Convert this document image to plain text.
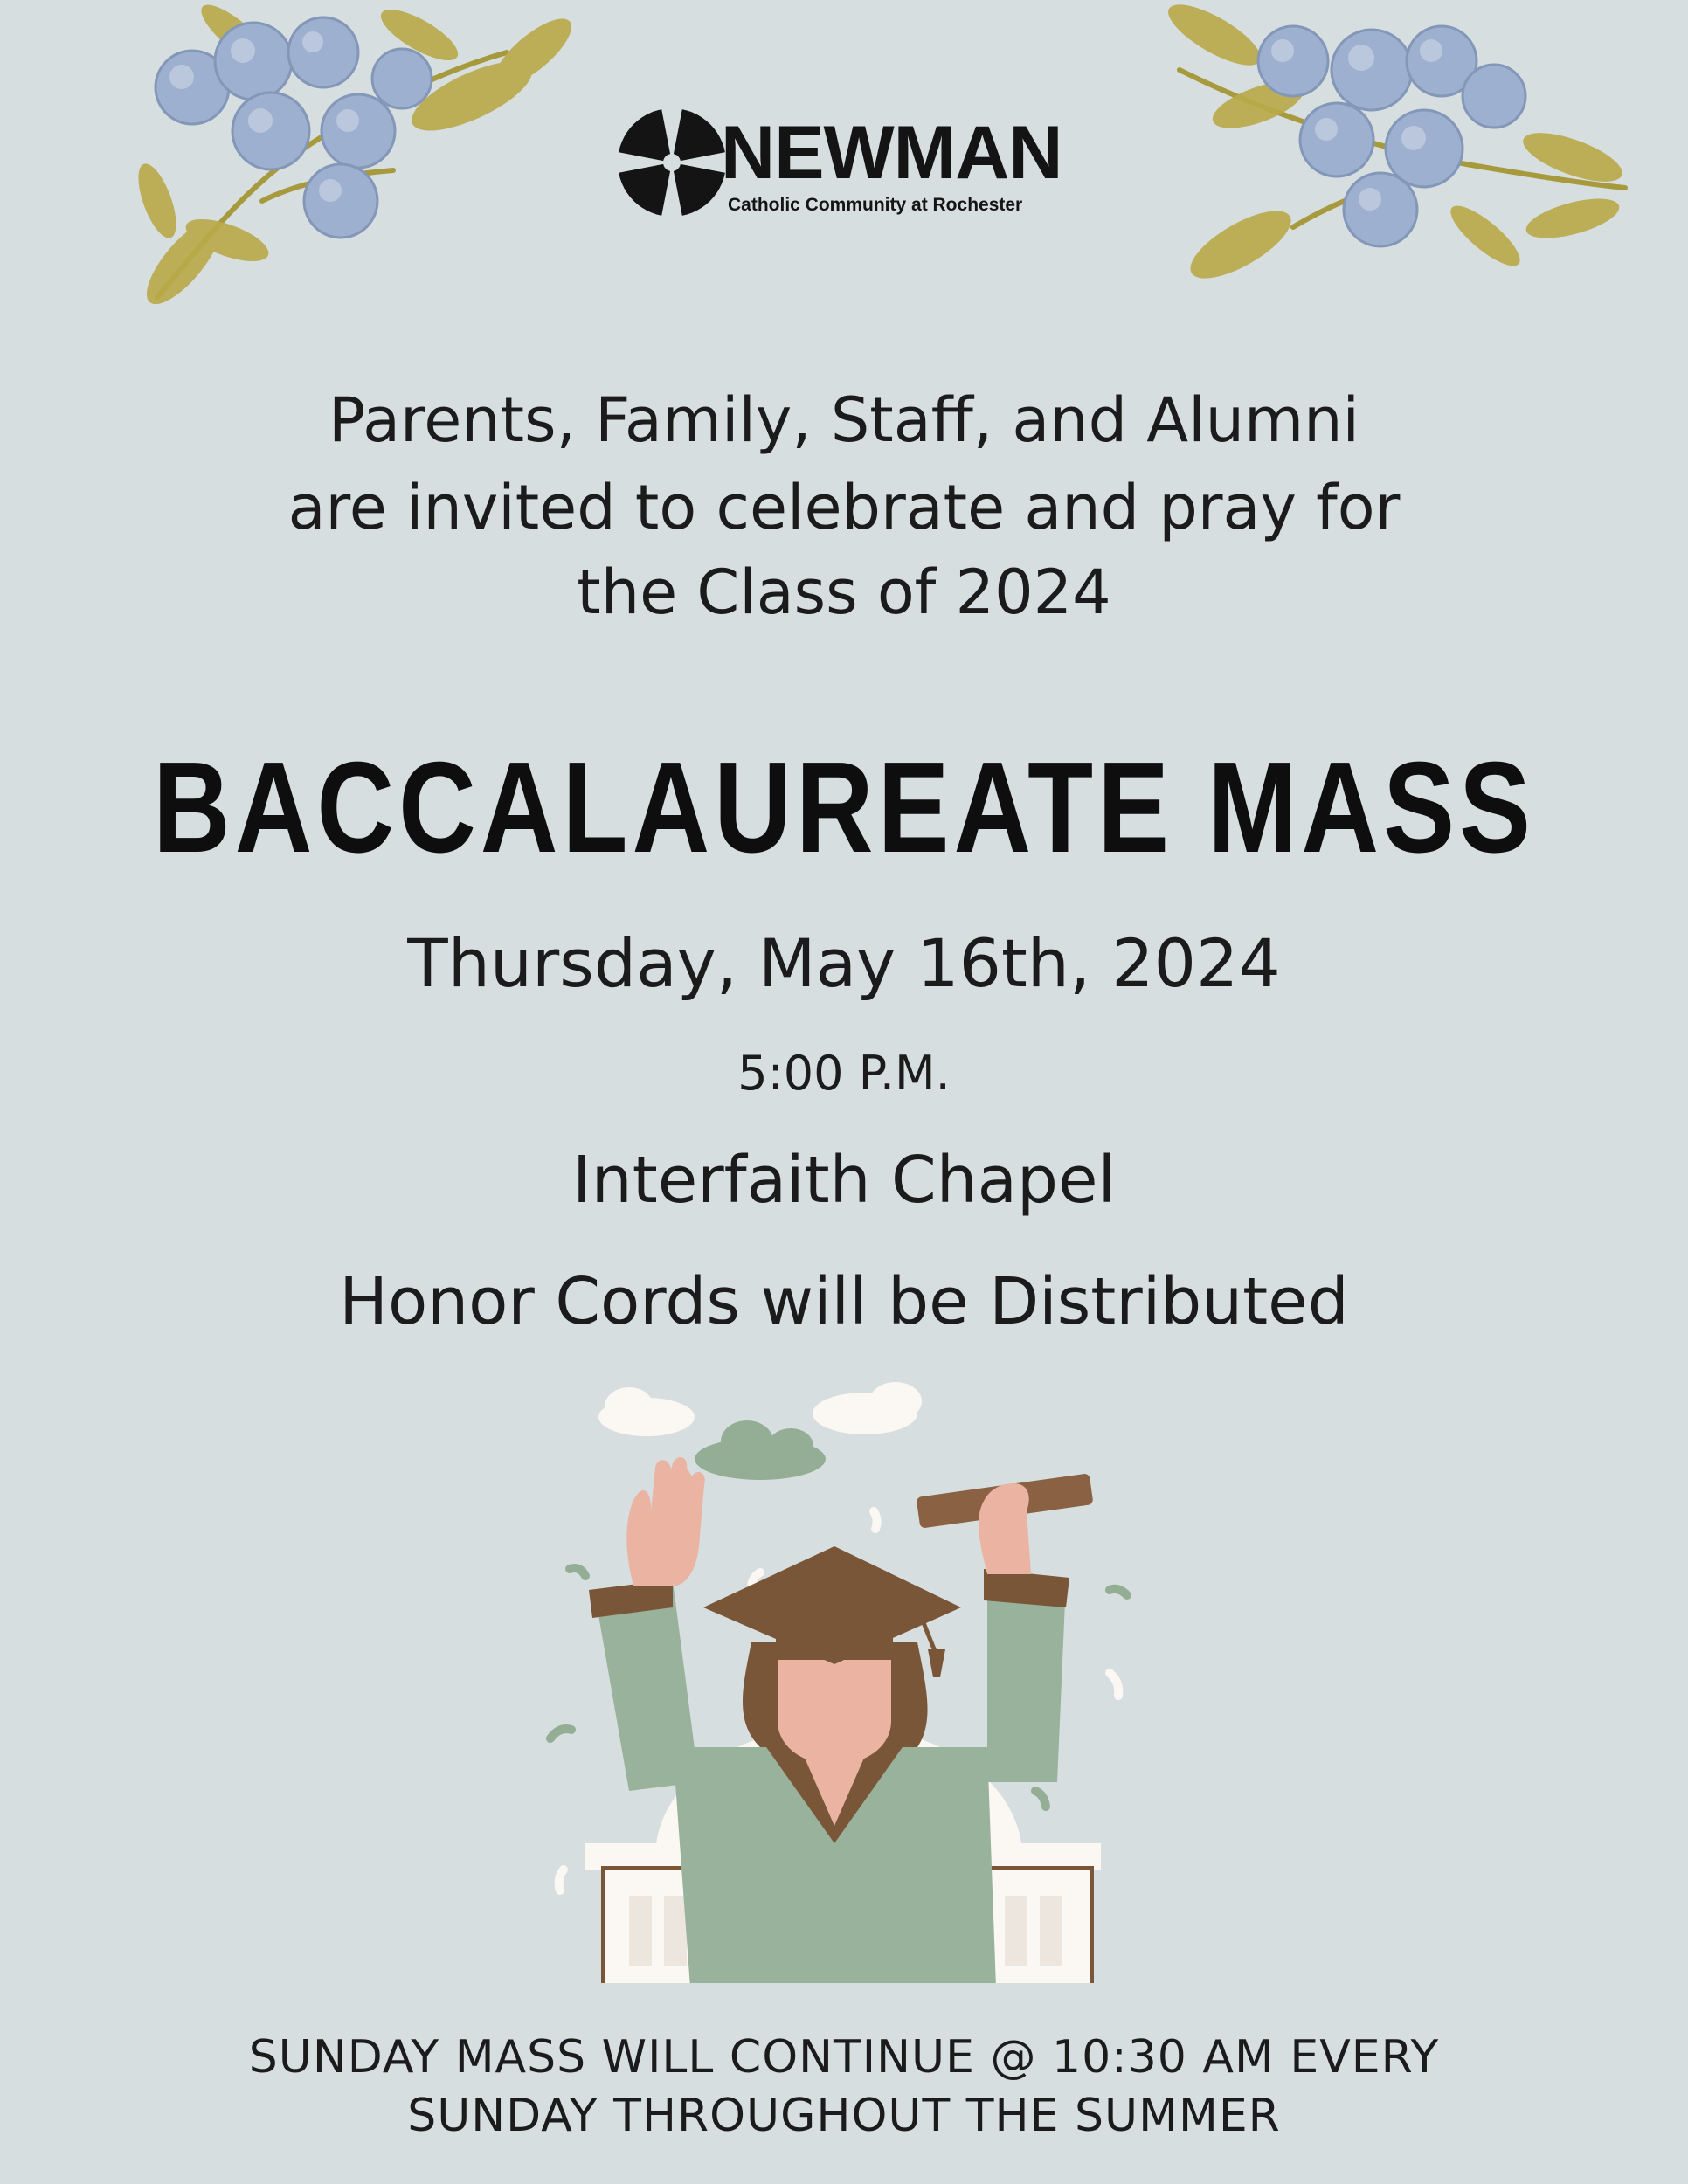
NEWMAN
Catholic Community at Rochester
Parents, Family, Staff, and Alumni
are invited to celebrate and pray for
the Class of 2024
BACCALAUREATE MASS
Thursday, May 16th, 2024
5:00 P.M.
Interfaith Chapel
Honor Cords will be Distributed
SUNDAY MASS WILL CONTINUE @ 10:30 AM EVERY
SUNDAY THROUGHOUT THE SUMMER
